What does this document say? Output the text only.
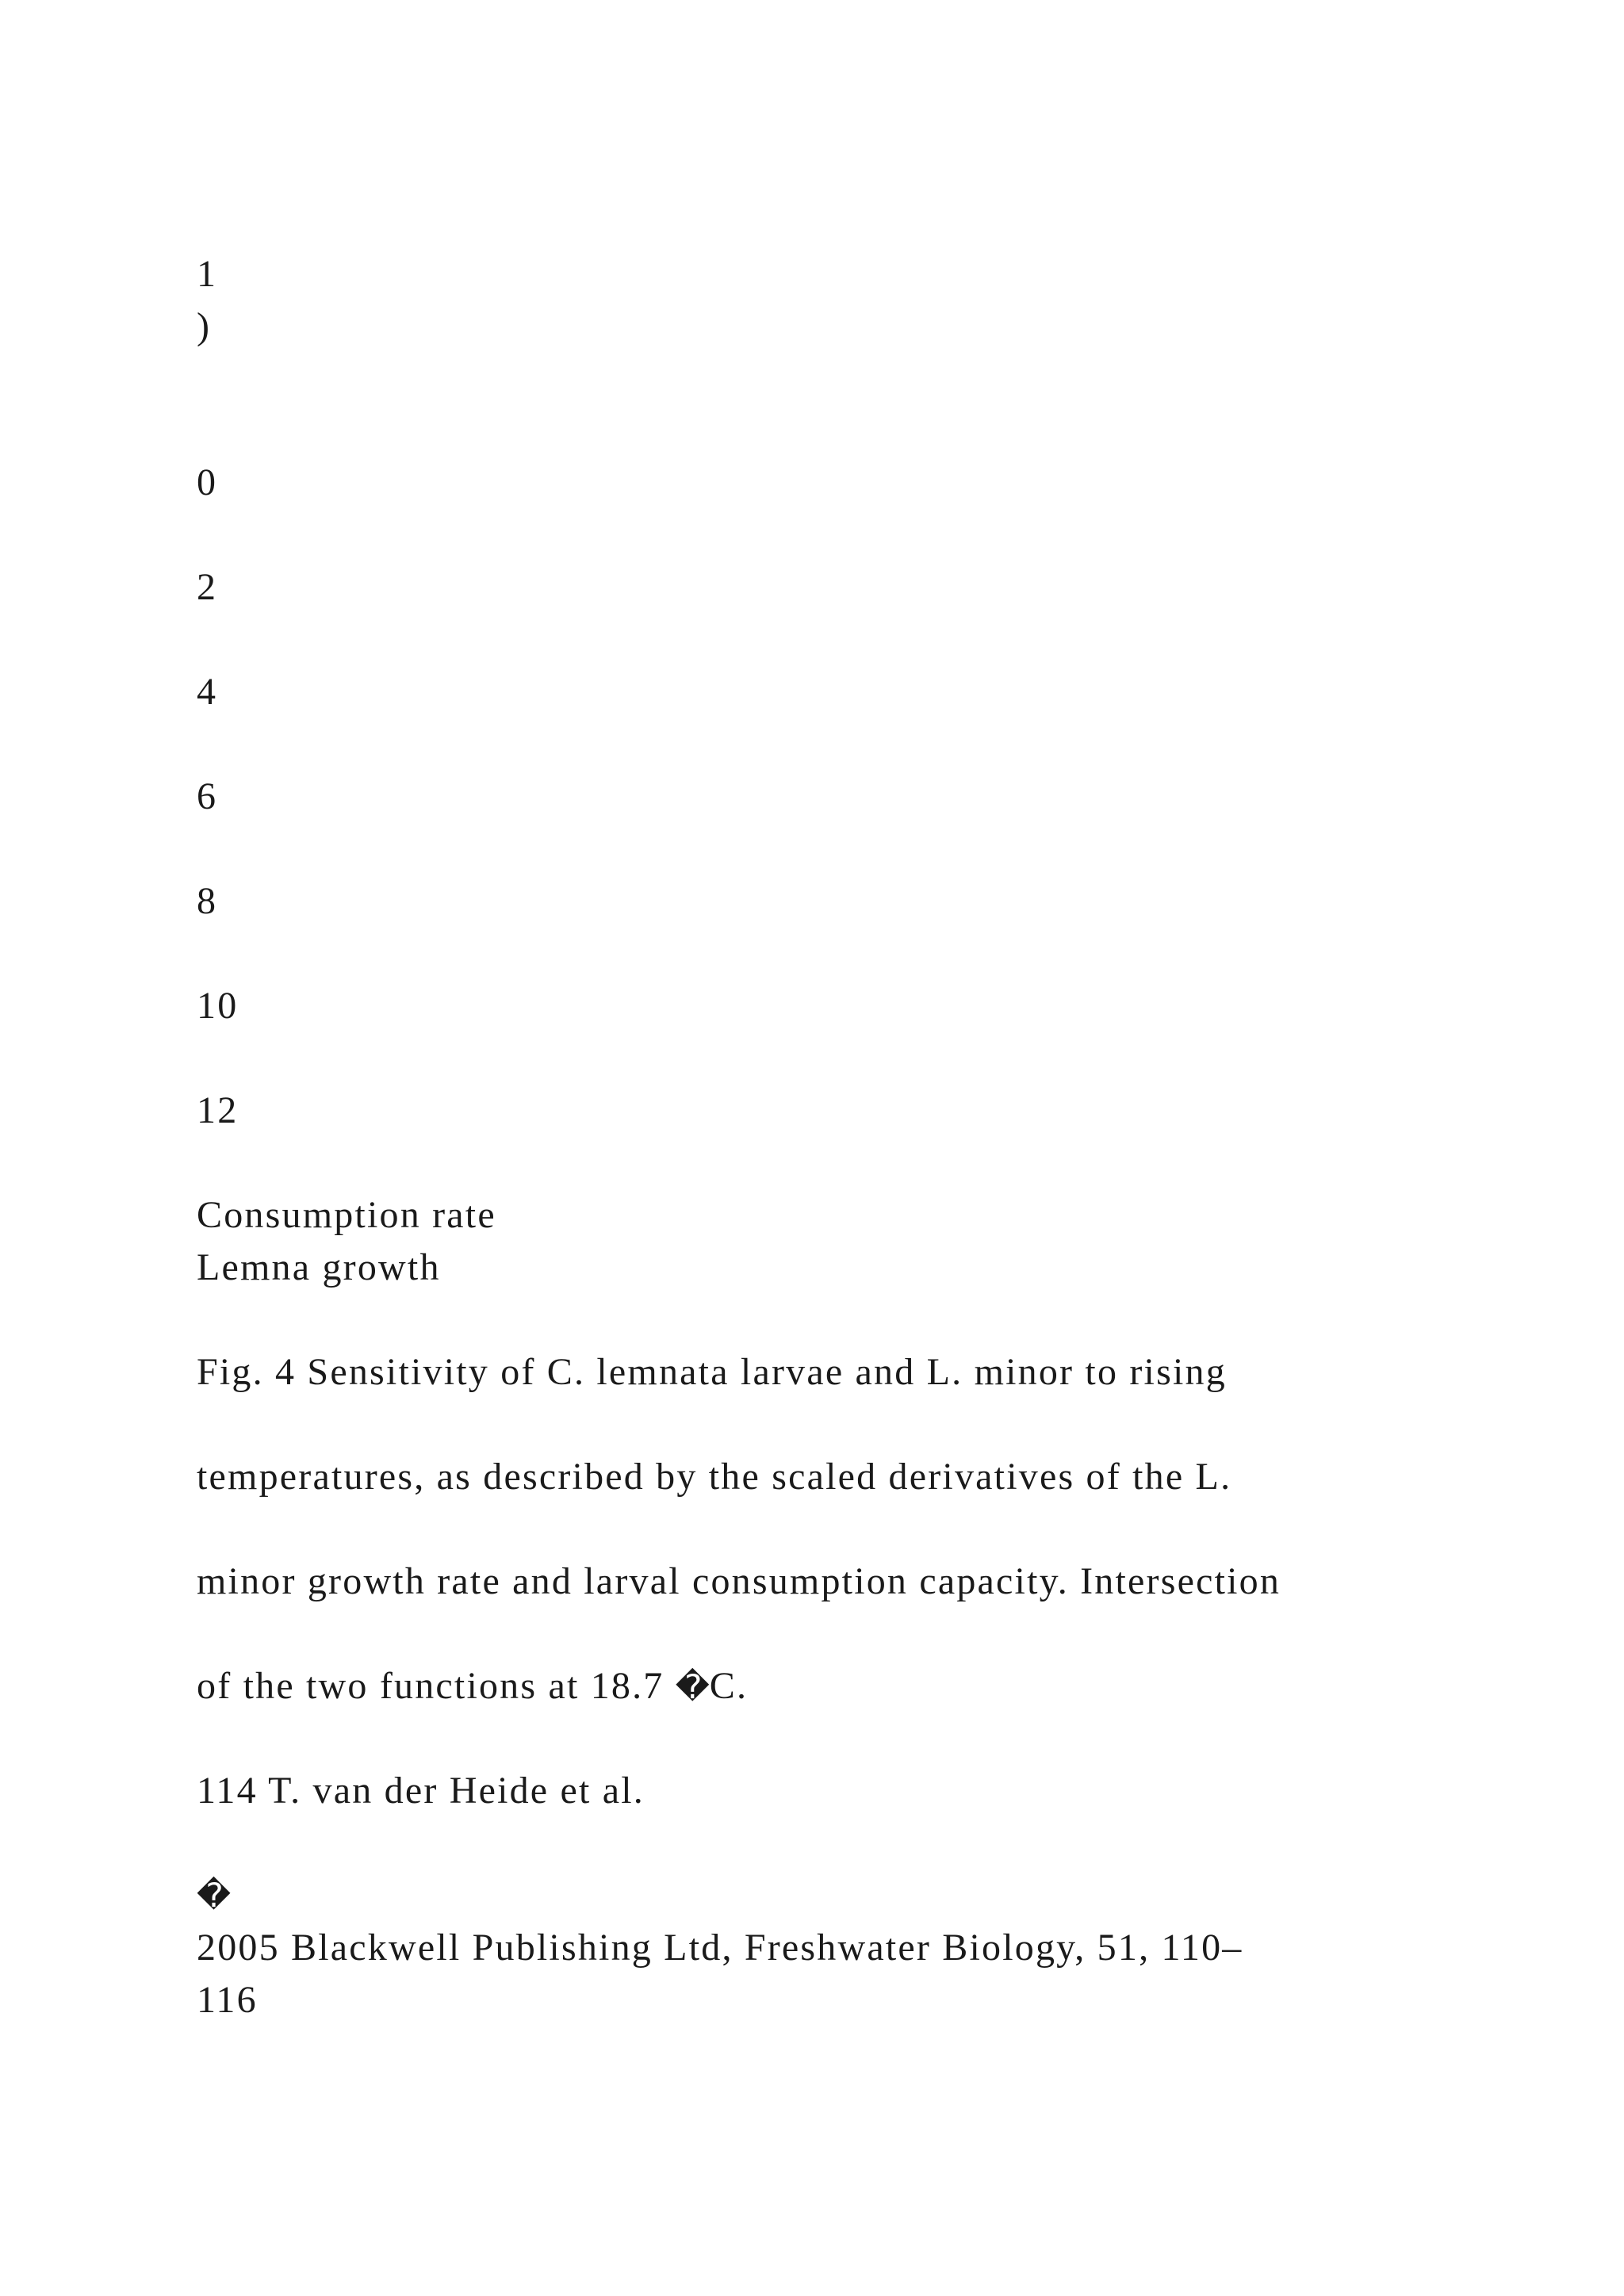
1
)

0

2

4

6

8

10

12

Consumption rate
Lemna growth

Fig. 4 Sensitivity of C. lemnata larvae and L. minor to rising

temperatures, as described by the scaled derivatives of the L.

minor growth rate and larval consumption capacity. Intersection

of the two functions at 18.7 �C.

114 T. van der Heide et al.

�
2005 Blackwell Publishing Ltd, Freshwater Biology, 51, 110–
116
